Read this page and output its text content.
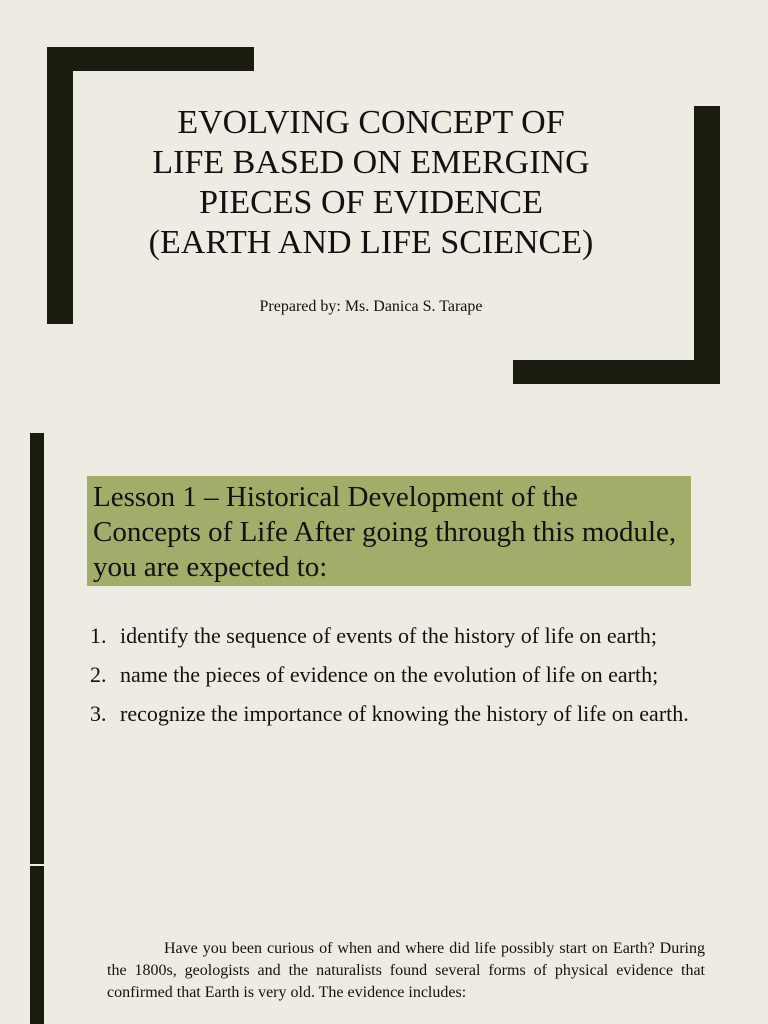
EVOLVING CONCEPT OF
LIFE BASED ON EMERGING
PIECES OF EVIDENCE
(EARTH AND LIFE SCIENCE)
Prepared by: Ms. Danica S. Tarape
Lesson 1 – Historical Development of the Concepts of Life After going through this module, you are expected to:
1. identify the sequence of events of the history of life on earth;
2. name the pieces of evidence on the evolution of life on earth;
3. recognize the importance of knowing the history of life on earth.

Have you been curious of when and where did life possibly start on Earth? During the 1800s, geologists and the naturalists found several forms of physical evidence that confirmed that Earth is very old. The evidence includes:
